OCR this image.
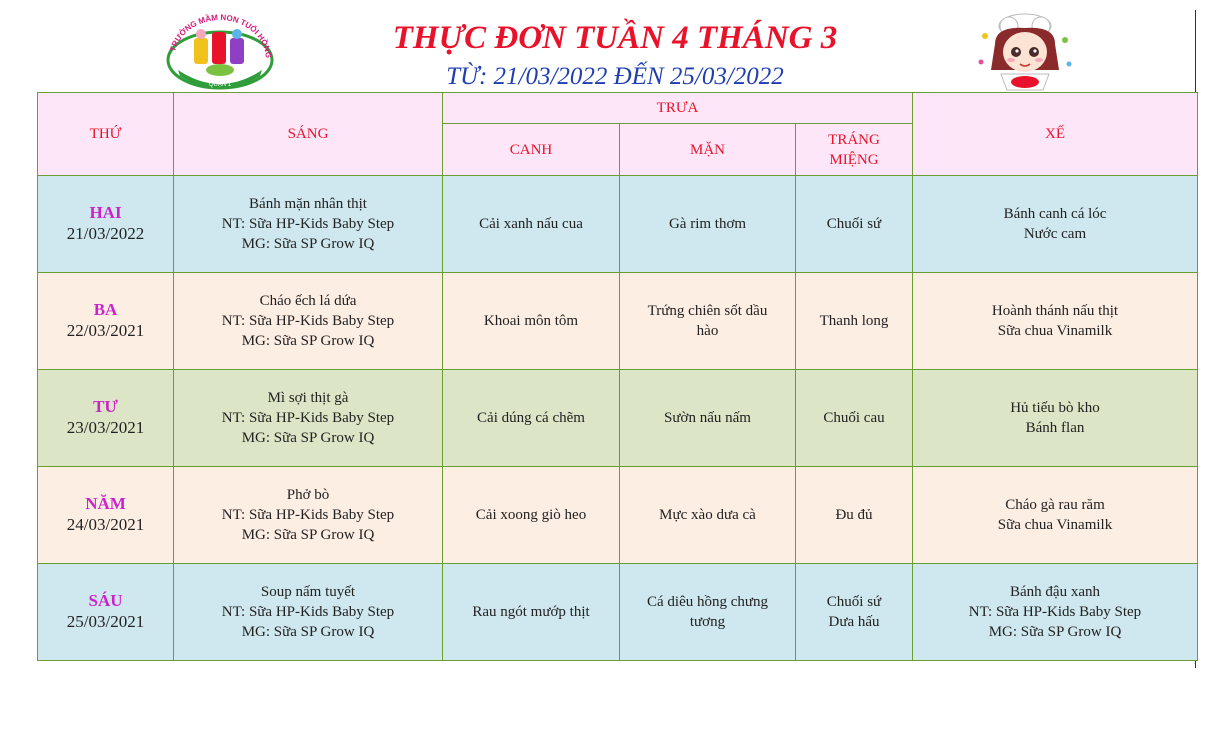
TRƯỜNG MẦM NON TUỔI HỒNG
QUẬN 1
THỰC ĐƠN TUẦN 4 THÁNG 3
TỪ: 21/03/2022 ĐẾN 25/03/2022
THỨ	SÁNG	TRƯA			XẾ
		CANH	MẶN	TRÁNG
MIỆNG	

HAI
21/03/2022	Bánh mặn nhân thịt
NT: Sữa HP-Kids Baby Step
MG: Sữa SP Grow IQ	Cải xanh nấu cua	Gà rim thơm	Chuối sứ	Bánh canh cá lóc
Nước cam

BA
22/03/2021	Cháo ếch lá dứa
NT: Sữa HP-Kids Baby Step
MG: Sữa SP Grow IQ	Khoai môn tôm	Trứng chiên sốt dầu
hào	Thanh long	Hoành thánh nấu thịt
Sữa chua Vinamilk

TƯ
23/03/2021	Mì sợi thịt gà
NT: Sữa HP-Kids Baby Step
MG: Sữa SP Grow IQ	Cải dúng cá chẽm	Sườn nấu nấm	Chuối cau	Hủ tiếu bò kho
Bánh flan

NĂM
24/03/2021	Phở bò
NT: Sữa HP-Kids Baby Step
MG: Sữa SP Grow IQ	Cải xoong giò heo	Mực xào dưa cà	Đu đủ	Cháo gà rau răm
Sữa chua Vinamilk

SÁU
25/03/2021	Soup nấm tuyết
NT: Sữa HP-Kids Baby Step
MG: Sữa SP Grow IQ	Rau ngót mướp thịt	Cá diêu hồng chưng
tương	Chuối sứ
Dưa hấu	Bánh đậu xanh
NT: Sữa HP-Kids Baby Step
MG: Sữa SP Grow IQ
